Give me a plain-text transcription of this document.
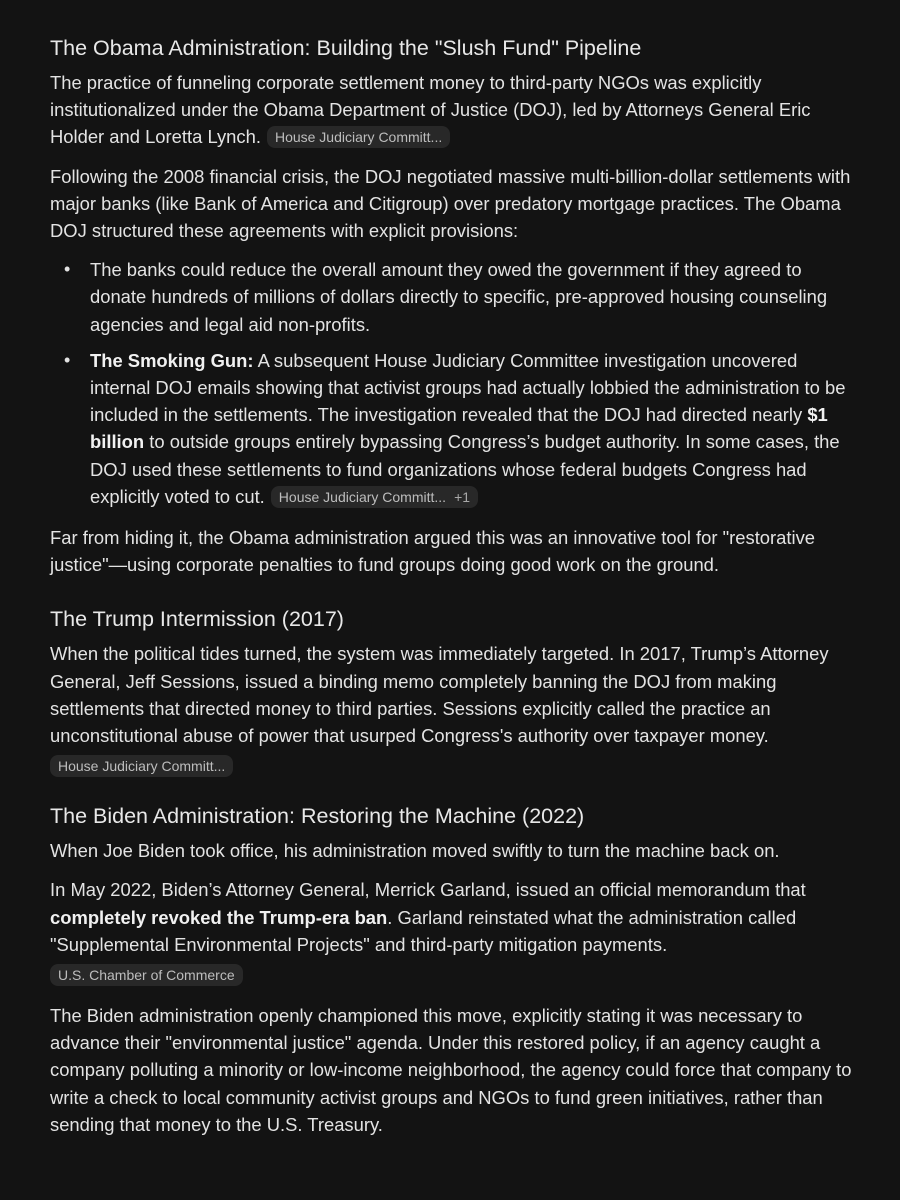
The Obama Administration: Building the "Slush Fund" Pipeline

The practice of funneling corporate settlement money to third-party NGOs was explicitly institutionalized under the Obama Department of Justice (DOJ), led by Attorneys General Eric Holder and Loretta Lynch. House Judiciary Committ...

Following the 2008 financial crisis, the DOJ negotiated massive multi-billion-dollar settlements with major banks (like Bank of America and Citigroup) over predatory mortgage practices. The Obama DOJ structured these agreements with explicit provisions:

• The banks could reduce the overall amount they owed the government if they agreed to donate hundreds of millions of dollars directly to specific, pre-approved housing counseling agencies and legal aid non-profits.
• The Smoking Gun: A subsequent House Judiciary Committee investigation uncovered internal DOJ emails showing that activist groups had actually lobbied the administration to be included in the settlements. The investigation revealed that the DOJ had directed nearly $1 billion to outside groups entirely bypassing Congress’s budget authority. In some cases, the DOJ used these settlements to fund organizations whose federal budgets Congress had explicitly voted to cut. House Judiciary Committ... +1

Far from hiding it, the Obama administration argued this was an innovative tool for "restorative justice"—using corporate penalties to fund groups doing good work on the ground.

The Trump Intermission (2017)

When the political tides turned, the system was immediately targeted. In 2017, Trump’s Attorney General, Jeff Sessions, issued a binding memo completely banning the DOJ from making settlements that directed money to third parties. Sessions explicitly called the practice an unconstitutional abuse of power that usurped Congress's authority over taxpayer money.

House Judiciary Committ...
The Biden Administration: Restoring the Machine (2022)

When Joe Biden took office, his administration moved swiftly to turn the machine back on.

In May 2022, Biden’s Attorney General, Merrick Garland, issued an official memorandum that completely revoked the Trump-era ban. Garland reinstated what the administration called "Supplemental Environmental Projects" and third-party mitigation payments.

U.S. Chamber of Commerce

The Biden administration openly championed this move, explicitly stating it was necessary to advance their "environmental justice" agenda. Under this restored policy, if an agency caught a company polluting a minority or low-income neighborhood, the agency could force that company to write a check to local community activist groups and NGOs to fund green initiatives, rather than sending that money to the U.S. Treasury.
